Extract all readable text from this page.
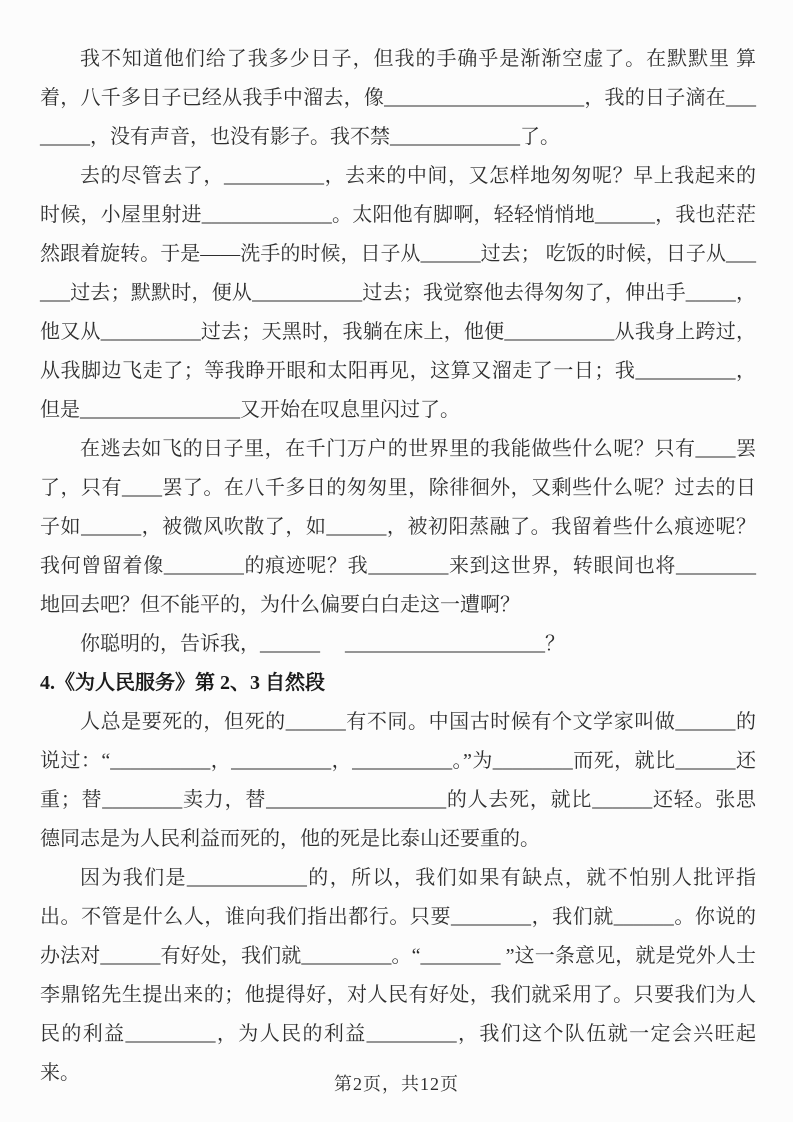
我不知道他们给了我多少日子，但我的手确乎是渐渐空虚了。在默默里 算着，八千多日子已经从我手中溜去，像____________________，我的日子滴在________，没有声音，也没有影子。我不禁_____________了。

去的尽管去了，__________，去来的中间，又怎样地匆匆呢？早上我起来的时候，小屋里射进_____________。太阳他有脚啊，轻轻悄悄地______，我也茫茫然跟着旋转。于是——洗手的时候，日子从______过去； 吃饭的时候，日子从______过去；默默时，便从___________过去；我觉察他去得匆匆了，伸出手_____，他又从__________过去；天黑时，我躺在床上，他便___________从我身上跨过，从我脚边飞走了；等我睁开眼和太阳再见，这算又溜走了一日；我__________，但是________________又开始在叹息里闪过了。

在逃去如飞的日子里，在千门万户的世界里的我能做些什么呢？只有____罢了，只有____罢了。在八千多日的匆匆里，除徘徊外，又剩些什么呢？过去的日子如______，被微风吹散了，如______，被初阳蒸融了。我留着些什么痕迹呢？我何曾留着像________的痕迹呢？我________来到这世界，转眼间也将________地回去吧？但不能平的，为什么偏要白白走这一遭啊？

你聪明的，告诉我，______　 ____________________？

4.《为人民服务》第 2、3 自然段

人总是要死的，但死的______有不同。中国古时候有个文学家叫做______的说过：“__________，__________，__________。”为________而死，就比______还重；替________卖力，替__________________的人去死，就比______还轻。张思德同志是为人民利益而死的，他的死是比泰山还要重的。

因为我们是____________的，所以，我们如果有缺点，就不怕别人批评指出。不管是什么人，谁向我们指出都行。只要________，我们就______。你说的办法对______有好处，我们就_________。“________ ”这一条意见，就是党外人士李鼎铭先生提出来的；他提得好，对人民有好处，我们就采用了。只要我们为人民的利益_________，为人民的利益_________，我们这个队伍就一定会兴旺起来。	第2页，共12页
